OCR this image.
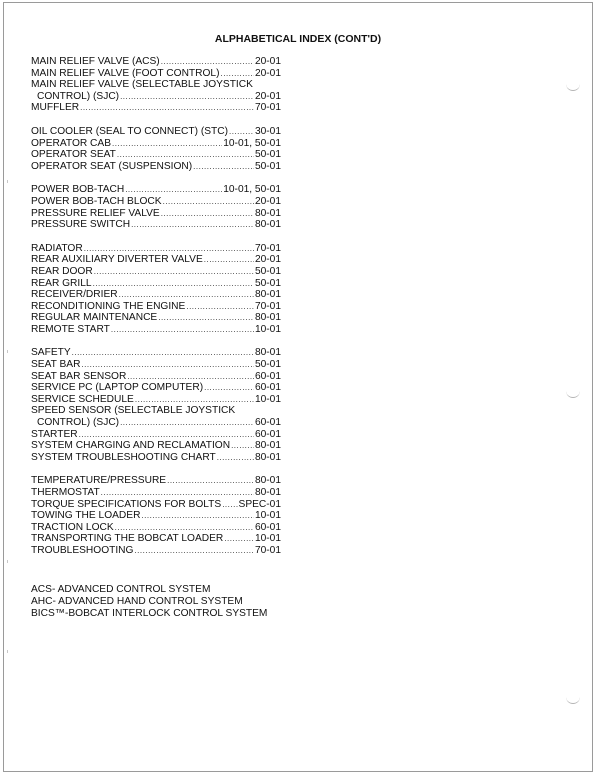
ALPHABETICAL INDEX (CONT'D)
MAIN RELIEF VALVE (ACS) .....	20-01
MAIN RELIEF VALVE (FOOT CONTROL) .....	20-01
MAIN RELIEF VALVE (SELECTABLE JOYSTICK
CONTROL) (SJC) .....	20-01
MUFFLER .....	70-01
OIL COOLER (SEAL TO CONNECT) (STC) .....	30-01
OPERATOR CAB .....	10-01, 50-01
OPERATOR SEAT .....	50-01
OPERATOR SEAT (SUSPENSION) .....	50-01
POWER BOB-TACH .....	10-01, 50-01
POWER BOB-TACH BLOCK .....	20-01
PRESSURE RELIEF VALVE .....	80-01
PRESSURE SWITCH .....	80-01
RADIATOR .....	70-01
REAR AUXILIARY DIVERTER VALVE .....	20-01
REAR DOOR .....	50-01
REAR GRILL .....	50-01
RECEIVER/DRIER .....	80-01
RECONDITIONING THE ENGINE .....	70-01
REGULAR MAINTENANCE .....	80-01
REMOTE START .....	10-01
SAFETY .....	80-01
SEAT BAR .....	50-01
SEAT BAR SENSOR .....	60-01
SERVICE PC (LAPTOP COMPUTER) .....	60-01
SERVICE SCHEDULE .....	10-01
SPEED SENSOR (SELECTABLE JOYSTICK
CONTROL) (SJC) .....	60-01
STARTER .....	60-01
SYSTEM CHARGING AND RECLAMATION ..... 80-01
SYSTEM TROUBLESHOOTING CHART .....	80-01
TEMPERATURE/PRESSURE .....	80-01
THERMOSTAT .....	80-01
TORQUE SPECIFICATIONS FOR BOLTS ..... SPEC-01
TOWING THE LOADER .....	10-01
TRACTION LOCK .....	60-01
TRANSPORTING THE BOBCAT LOADER .....	10-01
TROUBLESHOOTING .....	70-01
ACS- ADVANCED CONTROL SYSTEM
AHC- ADVANCED HAND CONTROL SYSTEM
BICS™-BOBCAT INTERLOCK CONTROL SYSTEM
